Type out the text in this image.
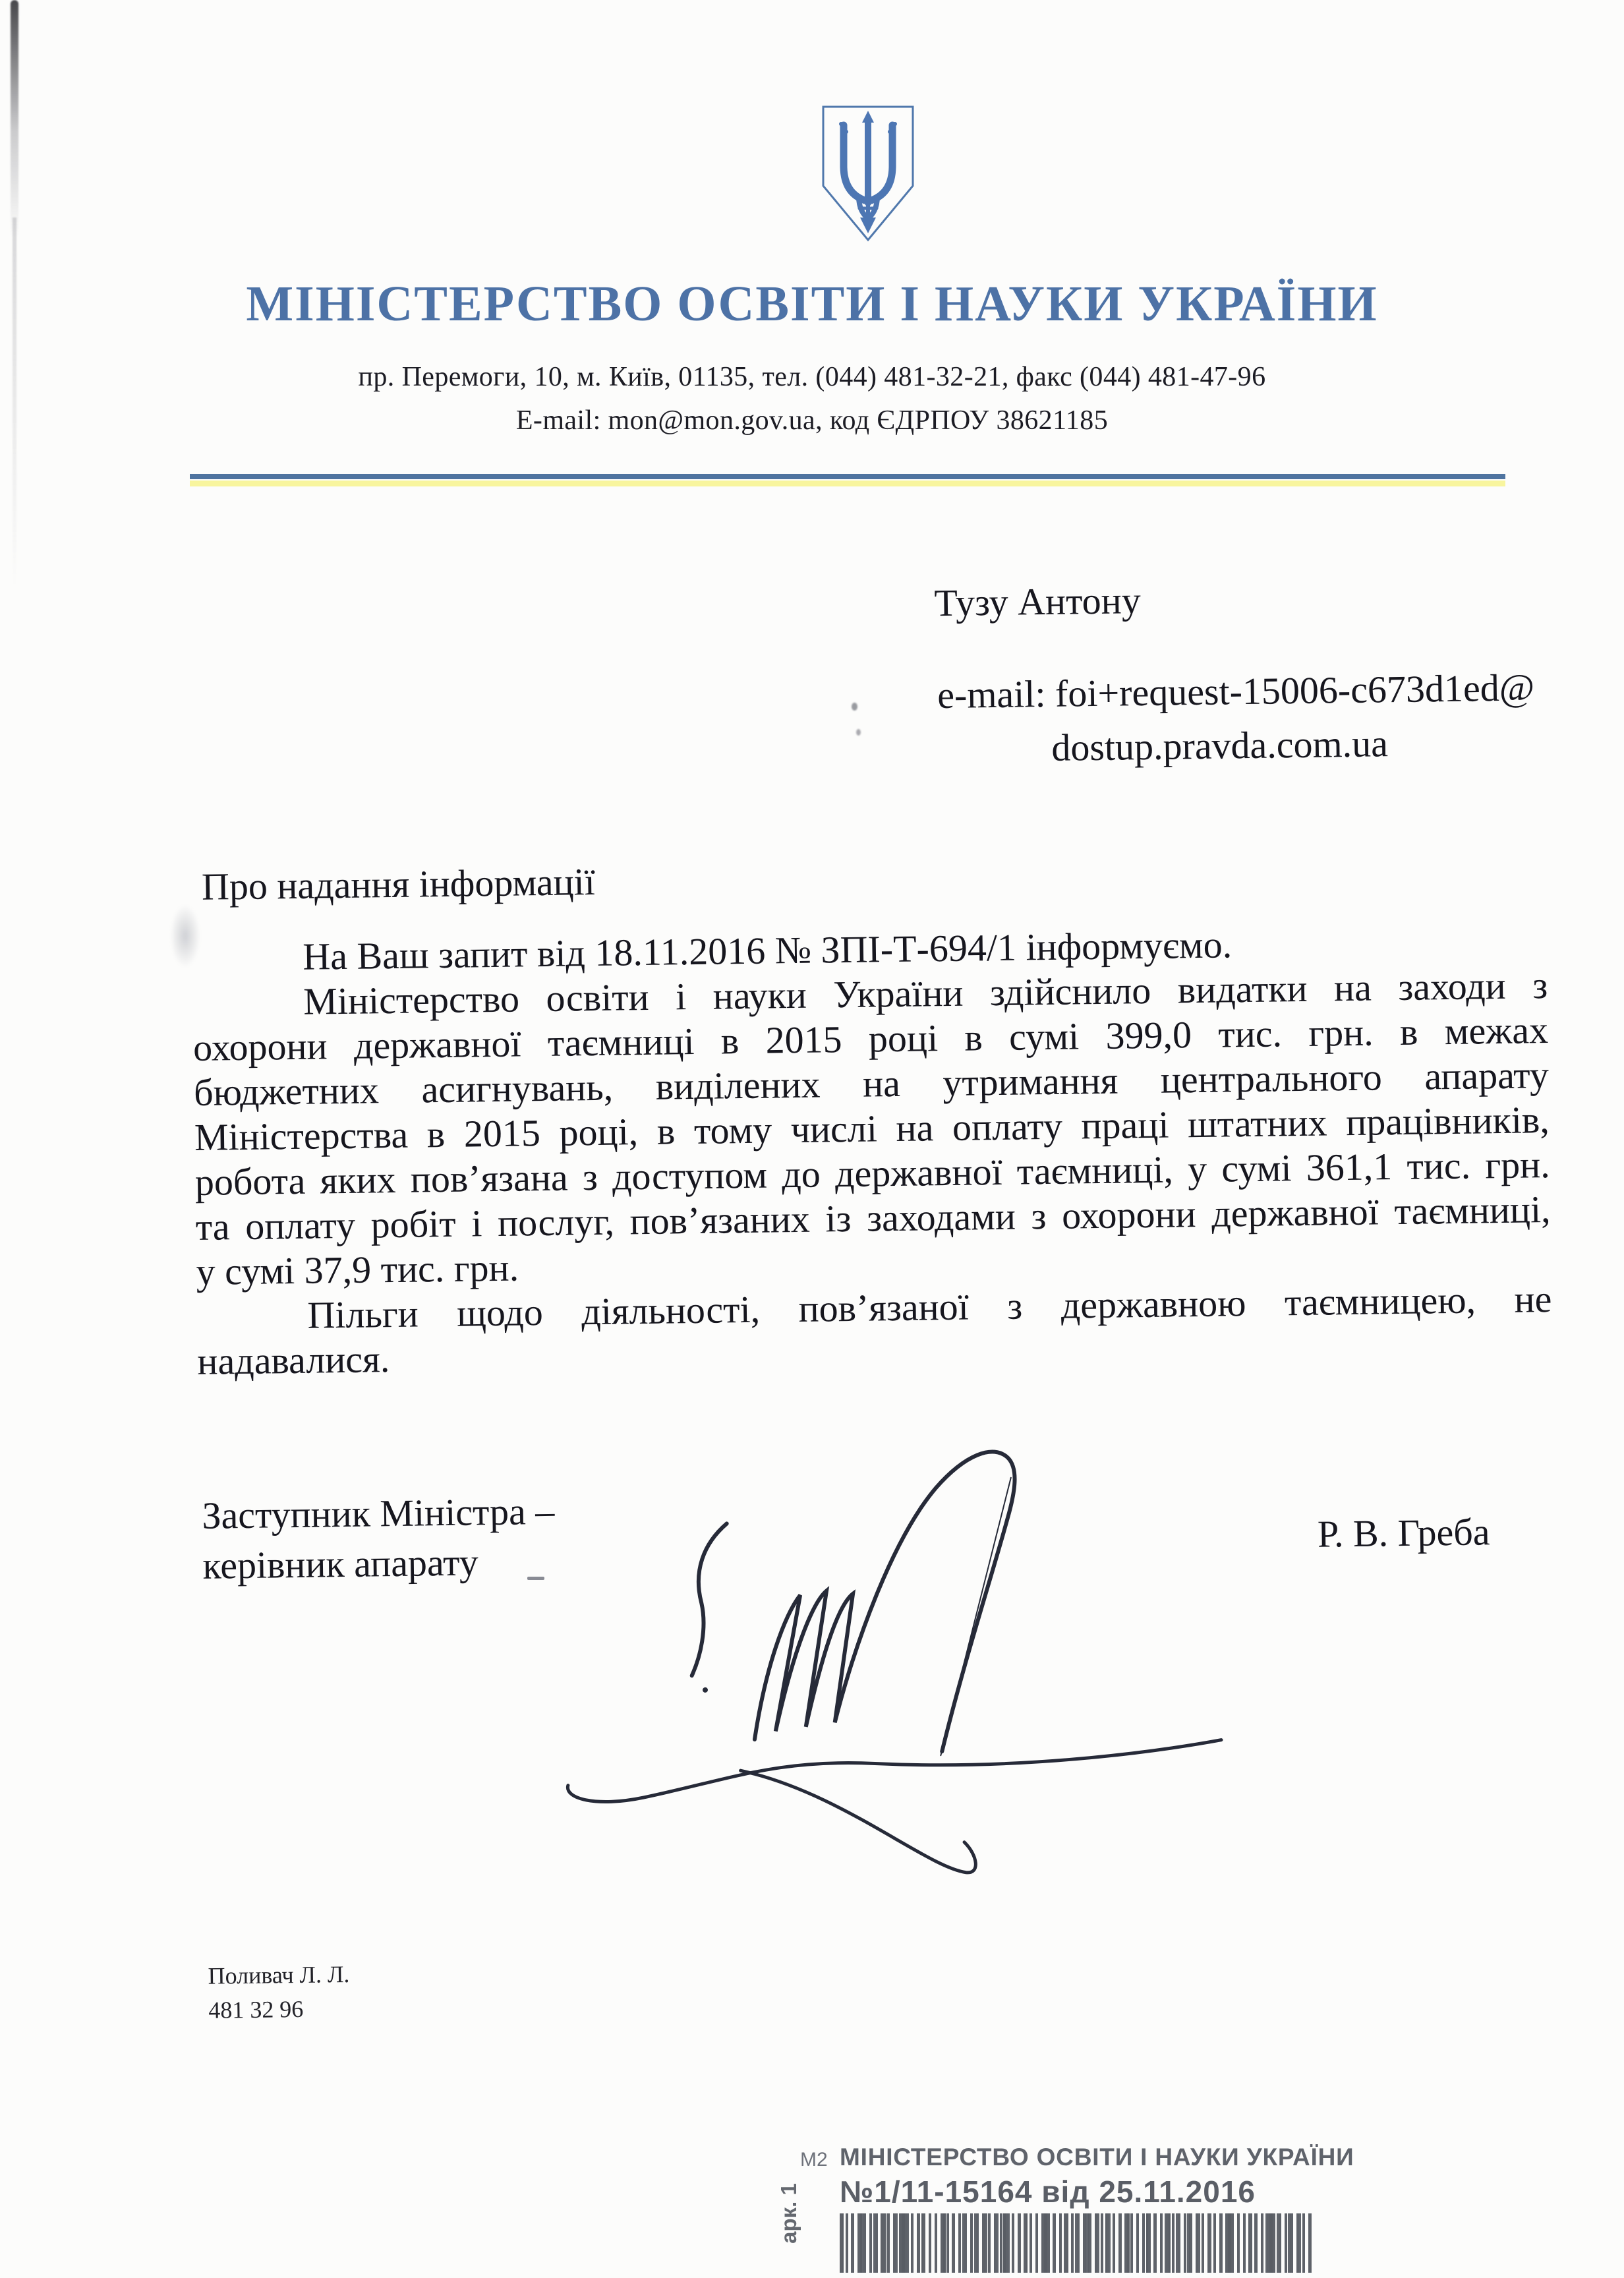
МІНІСТЕРСТВО ОСВІТИ І НАУКИ УКРАЇНИ
пр. Перемоги, 10, м. Київ, 01135, тел. (044) 481-32-21, факс (044) 481-47-96
E-mail: mon@mon.gov.ua, код ЄДРПОУ 38621185
Тузу Антону
e-mail: foi+request-15006-c673d1ed@
dostup.pravda.com.ua
Про надання інформації
На Ваш запит від 18.11.2016 № ЗПІ-Т-694/1 інформуємо.
Міністерство освіти і науки України здійснило видатки на заходи з
охорони державної таємниці в 2015 році в сумі 399,0 тис. грн. в межах
бюджетних асигнувань, виділених на утримання центрального апарату
Міністерства в 2015 році, в тому числі на оплату праці штатних працівників,
робота яких пов’язана з доступом до державної таємниці, у сумі 361,1 тис. грн.
та оплату робіт і послуг, пов’язаних із заходами з охорони державної таємниці,
у сумі 37,9 тис. грн.
Пільги щодо діяльності, пов’язаної з державною таємницею, не
надавалися.
Заступник Міністра –
керівник апарату
Р. В. Греба
Поливач Л. Л.
481 32 96
арк. 1
М2 МІНІСТЕРСТВО ОСВІТИ І НАУКИ УКРАЇНИ
№1/11-15164 від 25.11.2016
